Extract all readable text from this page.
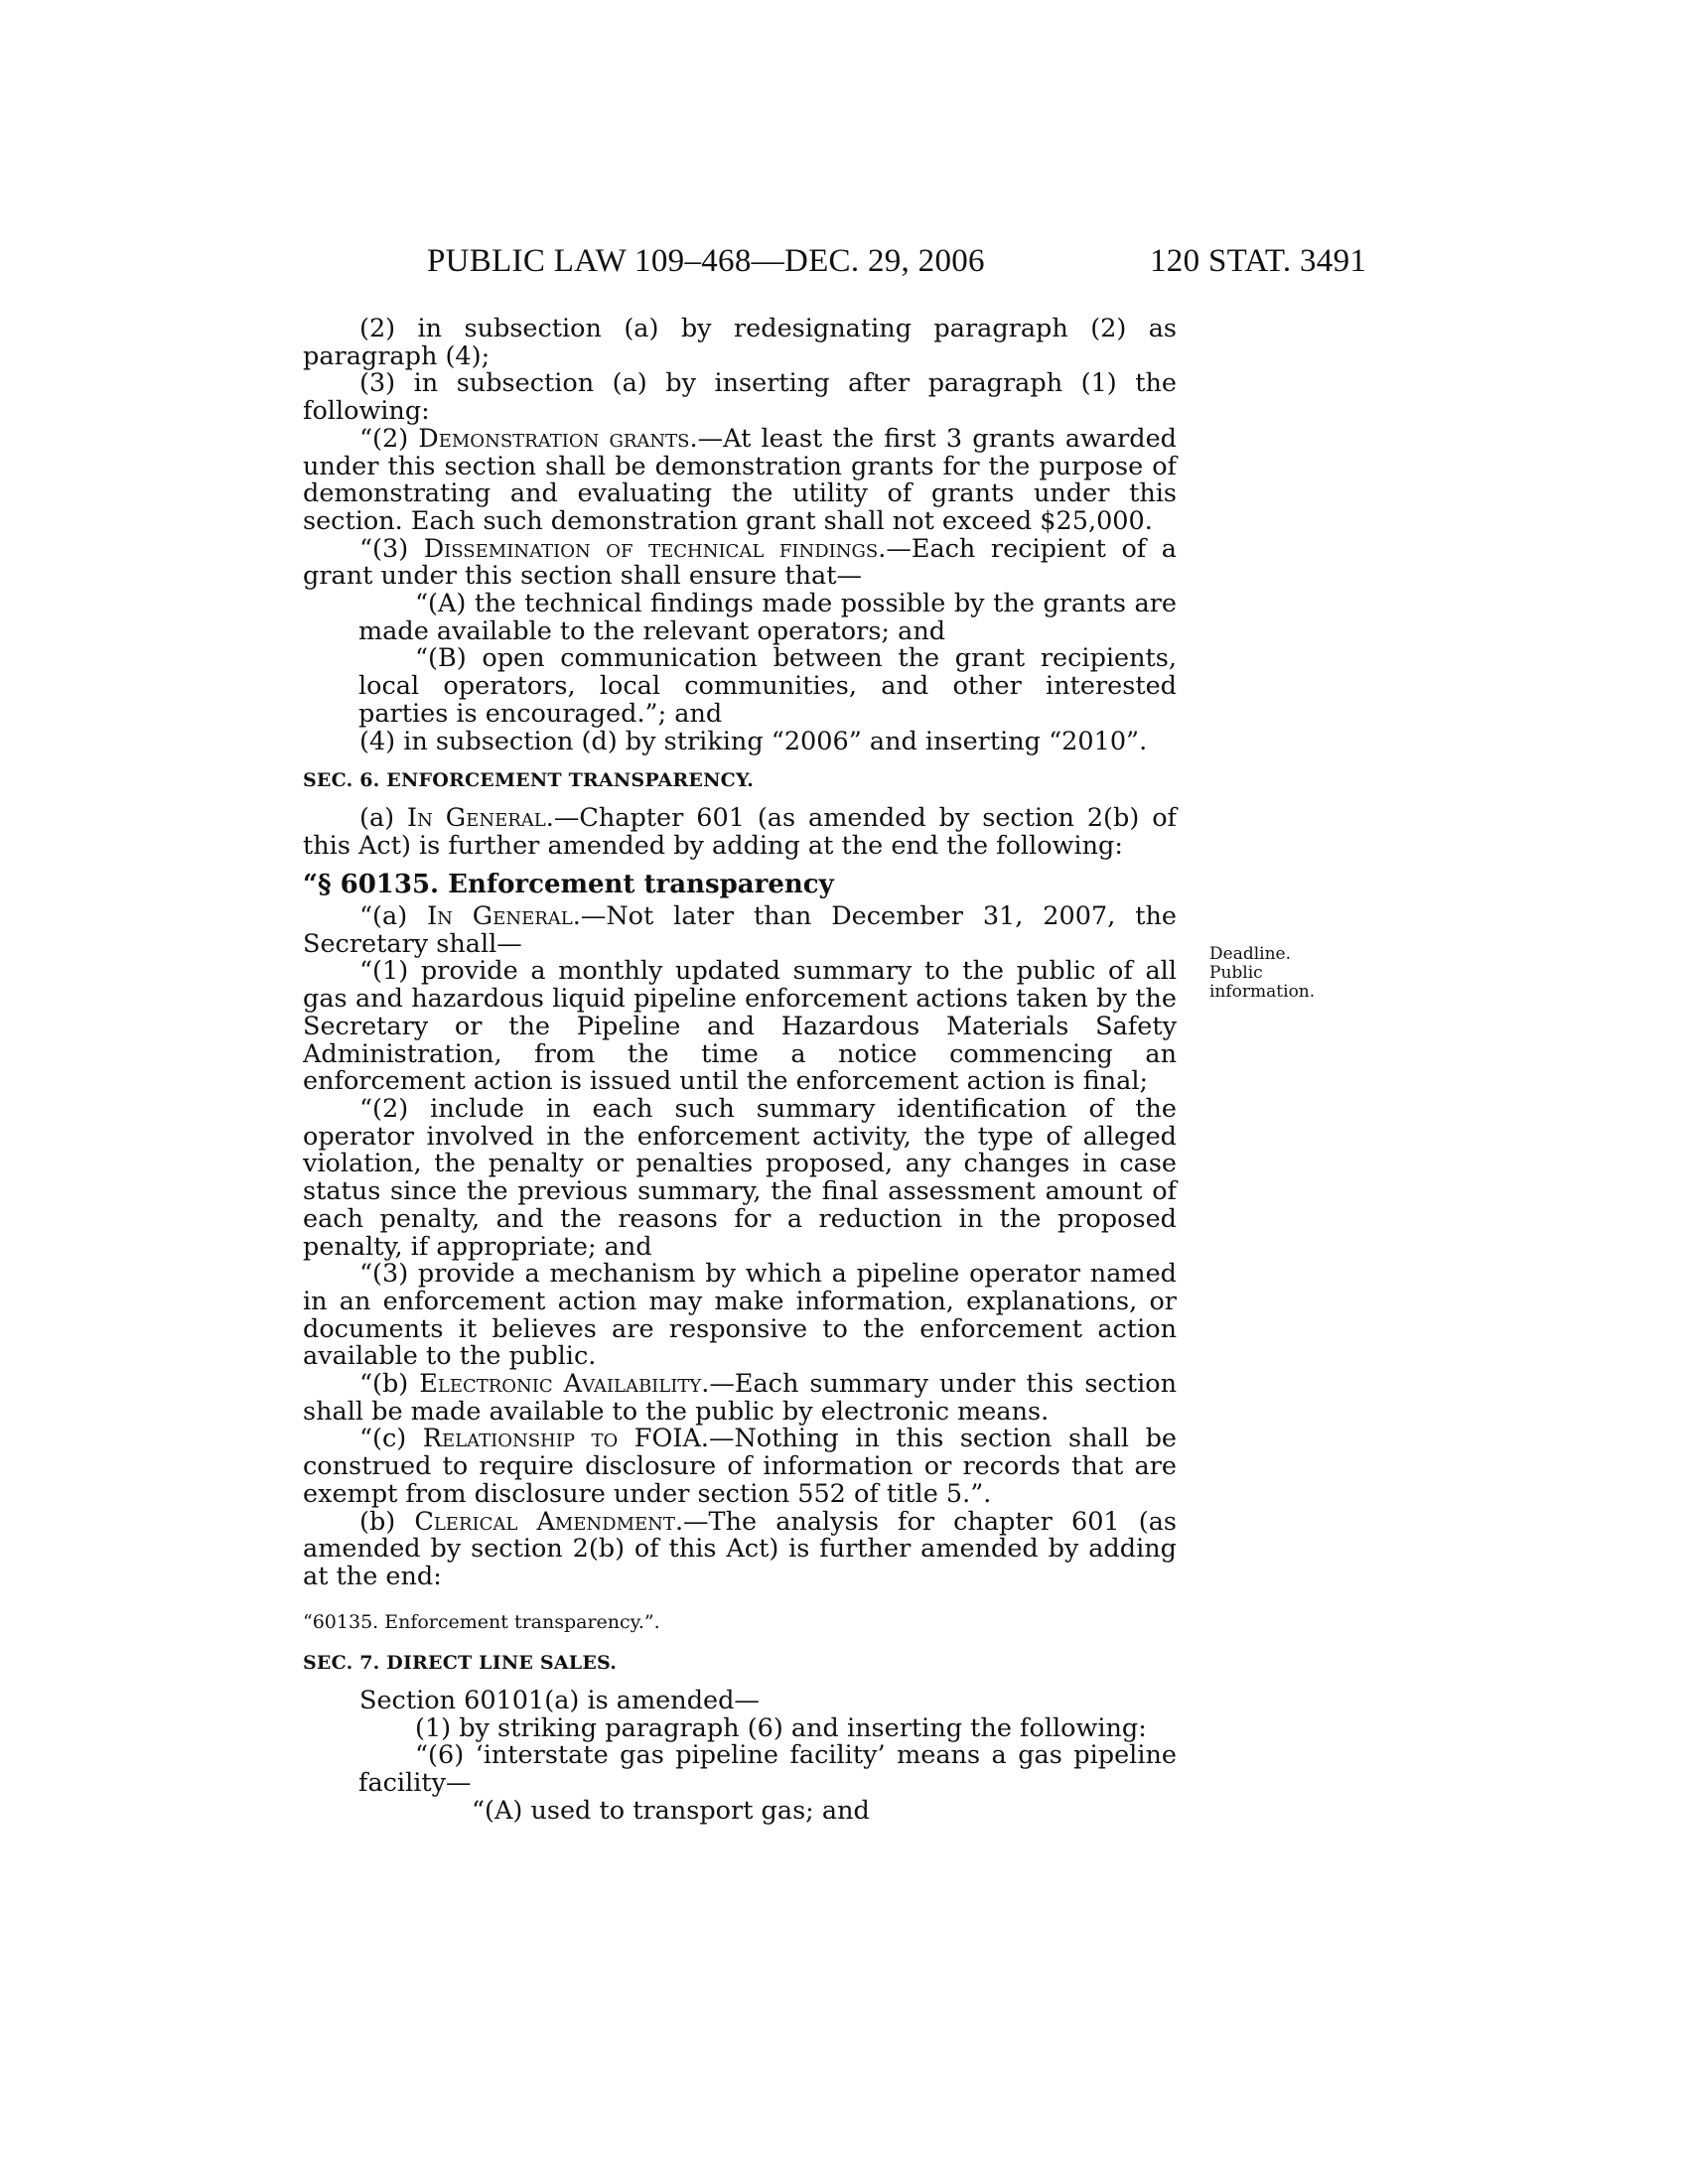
PUBLIC LAW 109–468—DEC. 29, 2006	120 STAT. 3491

(2) in subsection (a) by redesignating paragraph (2) as paragraph (4);

(3) in subsection (a) by inserting after paragraph (1) the following:

“(2) Demonstration grants.—At least the first 3 grants awarded under this section shall be demonstration grants for the purpose of demonstrating and evaluating the utility of grants under this section. Each such demonstration grant shall not exceed $25,000.

“(3) Dissemination of technical findings.—Each recipient of a grant under this section shall ensure that—

“(A) the technical findings made possible by the grants are made available to the relevant operators; and

“(B) open communication between the grant recipients, local operators, local communities, and other interested parties is encouraged.”; and

(4) in subsection (d) by striking “2006” and inserting “2010”.

SEC. 6. ENFORCEMENT TRANSPARENCY.

(a) In General.—Chapter 601 (as amended by section 2(b) of this Act) is further amended by adding at the end the following:

“§ 60135. Enforcement transparency

“(a) In General.—Not later than December 31, 2007, the Secretary shall—

“(1) provide a monthly updated summary to the public of all gas and hazardous liquid pipeline enforcement actions taken by the Secretary or the Pipeline and Hazardous Materials Safety Administration, from the time a notice commencing an enforcement action is issued until the enforcement action is final;

“(2) include in each such summary identification of the operator involved in the enforcement activity, the type of alleged violation, the penalty or penalties proposed, any changes in case status since the previous summary, the final assessment amount of each penalty, and the reasons for a reduction in the proposed penalty, if appropriate; and

“(3) provide a mechanism by which a pipeline operator named in an enforcement action may make information, explanations, or documents it believes are responsive to the enforcement action available to the public.

“(b) Electronic Availability.—Each summary under this section shall be made available to the public by electronic means.

“(c) Relationship to FOIA.—Nothing in this section shall be construed to require disclosure of information or records that are exempt from disclosure under section 552 of title 5.”.

(b) Clerical Amendment.—The analysis for chapter 601 (as amended by section 2(b) of this Act) is further amended by adding at the end:

“60135. Enforcement transparency.”.

SEC. 7. DIRECT LINE SALES.

Section 60101(a) is amended—

(1) by striking paragraph (6) and inserting the following:

“(6) ‘interstate gas pipeline facility’ means a gas pipeline facility—

“(A) used to transport gas; and

Deadline.
Public
information.
